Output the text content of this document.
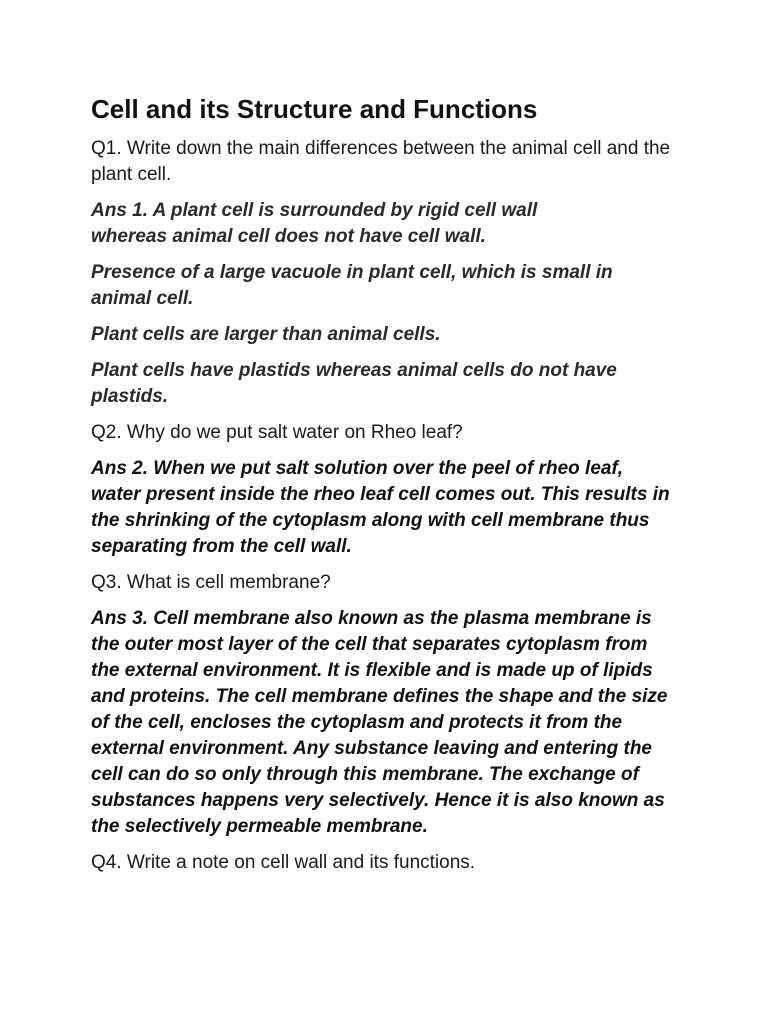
Cell and its Structure and Functions
Q1. Write down the main differences between the animal cell and the plant cell.
Ans 1. A plant cell is surrounded by rigid cell wall whereas animal cell does not have cell wall.
Presence of a large vacuole in plant cell, which is small in animal cell.
Plant cells are larger than animal cells.
Plant cells have plastids whereas animal cells do not have plastids.
Q2. Why do we put salt water on Rheo leaf?
Ans 2. When we put salt solution over the peel of rheo leaf, water present inside the rheo leaf cell comes out. This results in the shrinking of the cytoplasm along with cell membrane thus separating from the cell wall.
Q3. What is cell membrane?
Ans 3. Cell membrane also known as the plasma membrane is the outer most layer of the cell that separates cytoplasm from the external environment. It is flexible and is made up of lipids and proteins. The cell membrane defines the shape and the size of the cell, encloses the cytoplasm and protects it from the external environment. Any substance leaving and entering the cell can do so only through this membrane. The exchange of substances happens very selectively. Hence it is also known as the selectively permeable membrane.
Q4. Write a note on cell wall and its functions.
